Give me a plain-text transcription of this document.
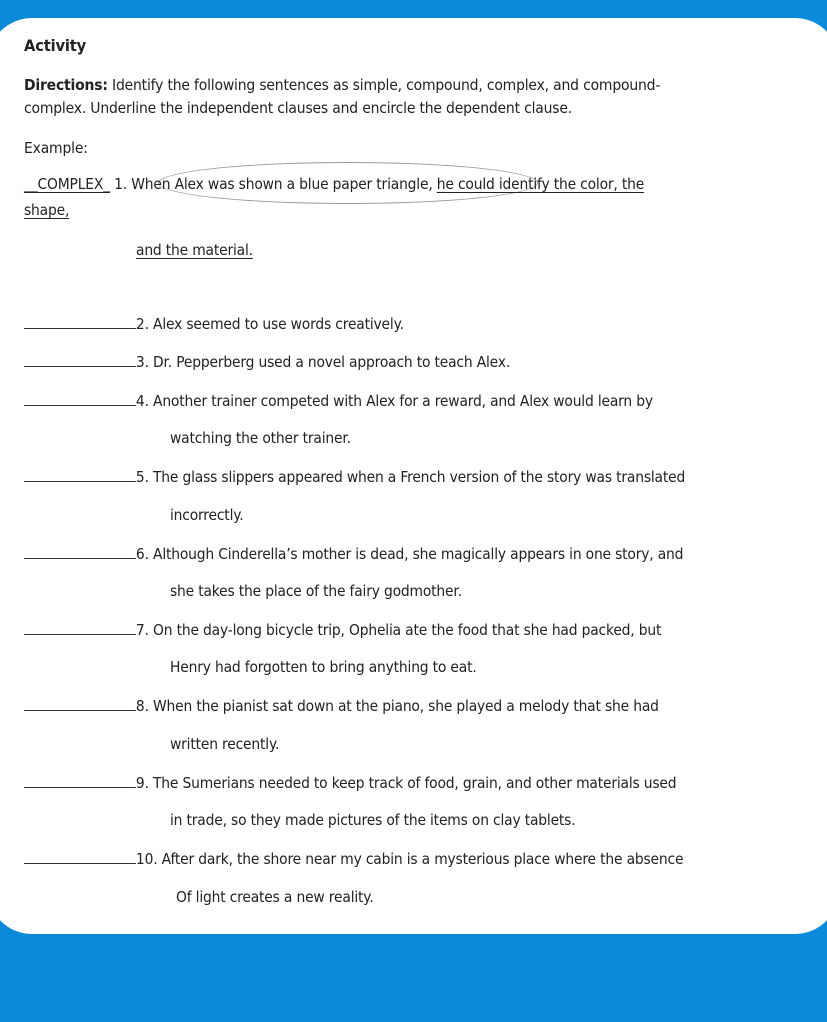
Activity
Directions: Identify the following sentences as simple, compound, complex, and compound-
complex. Underline the independent clauses and encircle the dependent clause.
Example:
__COMPLEX_ 1. When Alex was shown a blue paper triangle, he could identify the color, the
shape,
and the material.
2. Alex seemed to use words creatively.
3. Dr. Pepperberg used a novel approach to teach Alex.
4. Another trainer competed with Alex for a reward, and Alex would learn by
watching the other trainer.
5. The glass slippers appeared when a French version of the story was translated
incorrectly.
6. Although Cinderella’s mother is dead, she magically appears in one story, and
she takes the place of the fairy godmother.
7. On the day-long bicycle trip, Ophelia ate the food that she had packed, but
Henry had forgotten to bring anything to eat.
8. When the pianist sat down at the piano, she played a melody that she had
written recently.
9. The Sumerians needed to keep track of food, grain, and other materials used
in trade, so they made pictures of the items on clay tablets.
10. After dark, the shore near my cabin is a mysterious place where the absence
Of light creates a new reality.
